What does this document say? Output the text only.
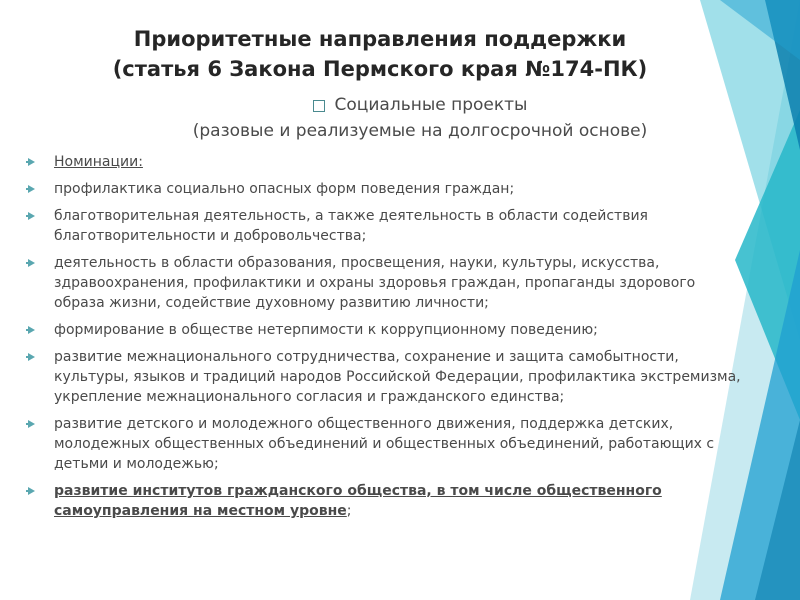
Приоритетные направления поддержки
(статья 6 Закона Пермского края №174-ПК)
Социальные проекты
(разовые и реализуемые на долгосрочной основе)
Номинации:
профилактика социально опасных форм поведения граждан;
благотворительная деятельность, а также деятельность в области содействия благотворительности и добровольчества;
деятельность в области образования, просвещения, науки, культуры, искусства, здравоохранения, профилактики и охраны здоровья граждан, пропаганды здорового образа жизни, содействие духовному развитию личности;
формирование в обществе нетерпимости к коррупционному поведению;
развитие межнационального сотрудничества, сохранение и защита самобытности, культуры, языков и традиций народов Российской Федерации, профилактика экстремизма, укрепление межнационального согласия и гражданского единства;
развитие детского и молодежного общественного движения, поддержка детских, молодежных общественных объединений и общественных объединений, работающих с детьми и молодежью;
развитие институтов гражданского общества, в том числе общественного самоуправления на местном уровне;
